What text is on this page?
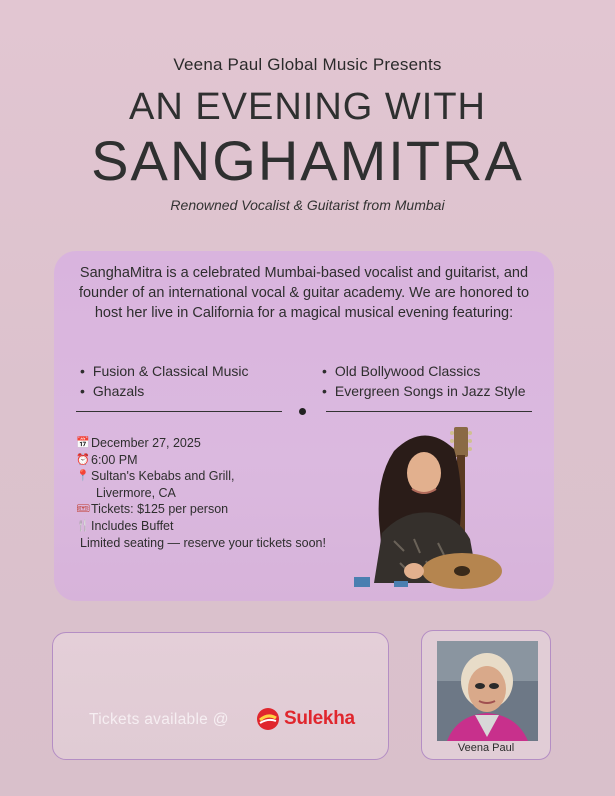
Veena Paul Global Music Presents
AN EVENING WITH
SANGHAMITRA
Renowned Vocalist & Guitarist from Mumbai

SanghaMitra is a celebrated Mumbai-based vocalist and guitarist, and founder of an international vocal & guitar academy. We are honored to host her live in California for a magical musical evening featuring:

• Fusion & Classical Music
• Ghazals
• Old Bollywood Classics
• Evergreen Songs in Jazz Style
📅 December 27, 2025
⏰ 6:00 PM
📍 Sultan's Kebabs and Grill,
Livermore, CA
🎟 Tickets: $125 per person
🍴 Includes Buffet
Limited seating — reserve your tickets soon!
Tickets available @	Sulekha
Veena Paul
